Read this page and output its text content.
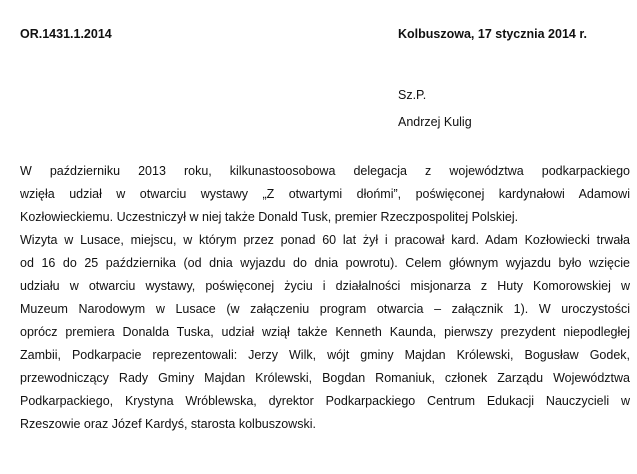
OR.1431.1.2014	Kolbuszowa, 17 stycznia 2014 r.
Sz.P.
Andrzej Kulig
W październiku 2013 roku, kilkunastoosobowa delegacja z województwa podkarpackiego
wzięła udział w otwarciu wystawy „Z otwartymi dłońmi”, poświęconej kardynałowi Adamowi
Kozłowieckiemu. Uczestniczył w niej także Donald Tusk, premier Rzeczpospolitej Polskiej.
Wizyta w Lusace, miejscu, w którym przez ponad 60 lat żył i pracował kard. Adam Kozłowiecki trwała
od 16 do 25 października (od dnia wyjazdu do dnia powrotu). Celem głównym wyjazdu było wzięcie
udziału w otwarciu wystawy, poświęconej życiu i działalności misjonarza z Huty Komorowskiej w
Muzeum Narodowym w Lusace (w załączeniu program otwarcia – załącznik 1). W uroczystości
oprócz premiera Donalda Tuska, udział wziął także Kenneth Kaunda, pierwszy prezydent niepodległej
Zambii, Podkarpacie reprezentowali: Jerzy Wilk, wójt gminy Majdan Królewski, Bogusław Godek,
przewodniczący Rady Gminy Majdan Królewski, Bogdan Romaniuk, członek Zarządu Województwa
Podkarpackiego, Krystyna Wróblewska, dyrektor Podkarpackiego Centrum Edukacji Nauczycieli w
Rzeszowie oraz Józef Kardyś, starosta kolbuszowski.
